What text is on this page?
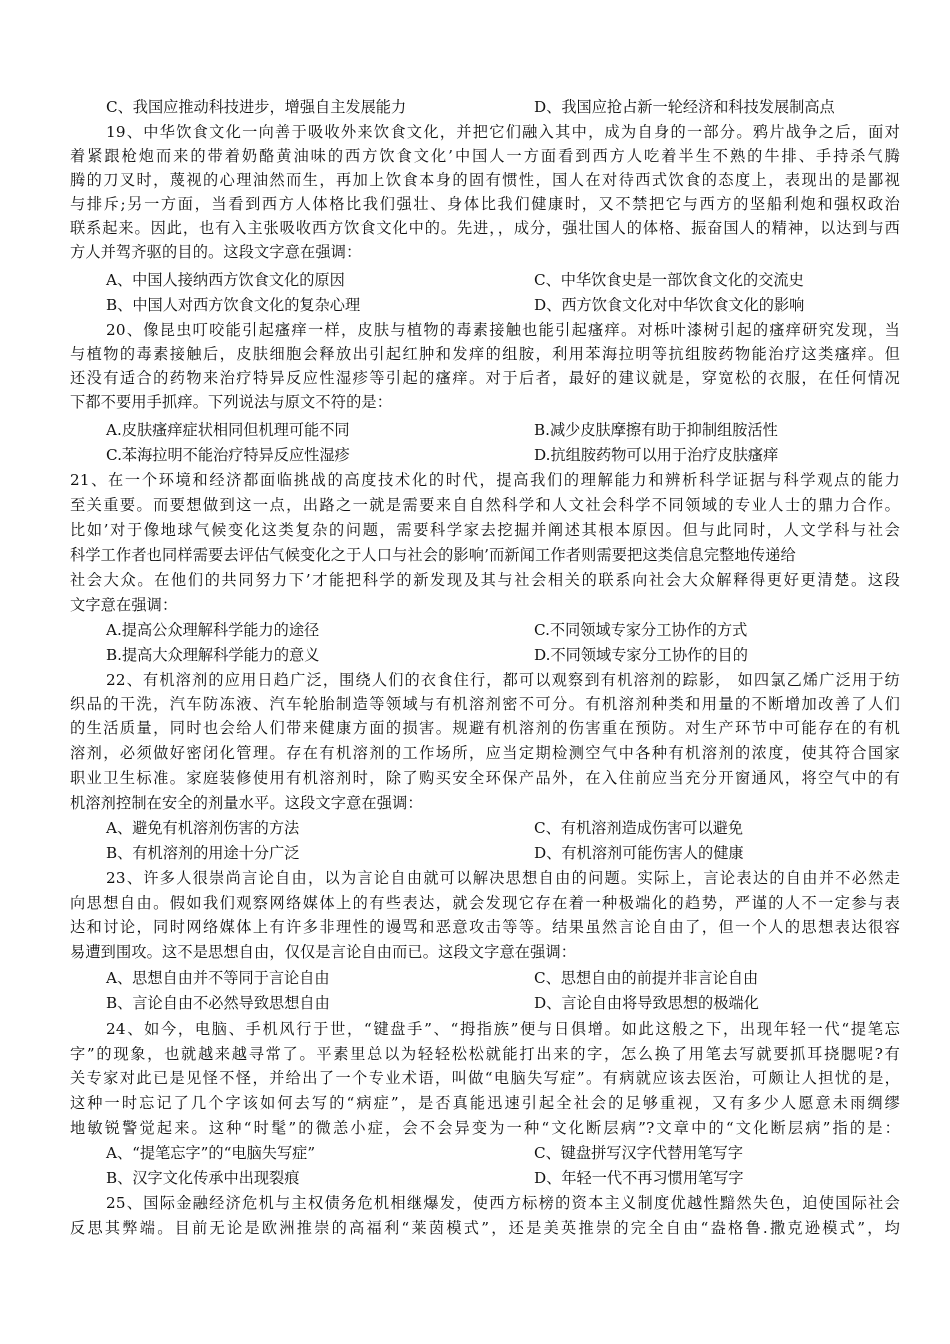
C、我国应推动科技进步，增强自主发展能力	D、我国应抢占新一轮经济和科技发展制高点
19、中华饮食文化一向善于吸收外来饮食文化，并把它们融入其中，成为自身的一部分。鸦片战争之后，面对
着紧跟枪炮而来的带着奶酪黄油味的西方饮食文化’中国人一方面看到西方人吃着半生不熟的牛排、手持杀气腾
腾的刀叉时，蔑视的心理油然而生，再加上饮食本身的固有惯性，国人在对待西式饮食的态度上，表现出的是鄙视
与排斥;另一方面，当看到西方人体格比我们强壮、身体比我们健康时，又不禁把它与西方的坚船利炮和强权政治
联系起来。因此，也有入主张吸收西方饮食文化中的。先进，，成分，强壮国人的体格、振奋国人的精神，以达到与西
方人并驾齐驱的目的。这段文字意在强调：
A、中国人接纳西方饮食文化的原因	C、中华饮食史是一部饮食文化的交流史
B、中国人对西方饮食文化的复杂心理	D、西方饮食文化对中华饮食文化的影响
20、像昆虫叮咬能引起瘙痒一样，皮肤与植物的毒素接触也能引起瘙痒。对栎叶漆树引起的瘙痒研究发现，当
与植物的毒素接触后，皮肤细胞会释放出引起红肿和发痒的组胺，利用苯海拉明等抗组胺药物能治疗这类瘙痒。但
还没有适合的药物来治疗特异反应性湿疹等引起的瘙痒。对于后者，最好的建议就是，穿宽松的衣服，在任何情况
下都不要用手抓痒。下列说法与原文不符的是：
A.皮肤瘙痒症状相同但机理可能不同	B.减少皮肤摩擦有助于抑制组胺活性
C.苯海拉明不能治疗特异反应性湿疹	D.抗组胺药物可以用于治疗皮肤瘙痒
21、在一个环境和经济都面临挑战的高度技术化的时代，提高我们的理解能力和辨析科学证据与科学观点的能力
至关重要。而要想做到这一点，出路之一就是需要来自自然科学和人文社会科学不同领域的专业人士的鼎力合作。
比如’对于像地球气候变化这类复杂的问题，需要科学家去挖掘并阐述其根本原因。但与此同时，人文学科与社会
科学工作者也同样需要去评估气候变化之于人口与社会的影响’而新闻工作者则需要把这类信息完整地传递给
社会大众。在他们的共同努力下’才能把科学的新发现及其与社会相关的联系向社会大众解释得更好更清楚。这段
文字意在强调：
A.提高公众理解科学能力的途径	C.不同领域专家分工协作的方式
B.提高大众理解科学能力的意义	D.不同领域专家分工协作的目的
22、有机溶剂的应用日趋广泛，围绕人们的衣食住行，都可以观察到有机溶剂的踪影， 如四氯乙烯广泛用于纺
织品的干洗，汽车防冻液、汽车轮胎制造等领域与有机溶剂密不可分。有机溶剂种类和用量的不断增加改善了人们
的生活质量，同时也会给人们带来健康方面的损害。规避有机溶剂的伤害重在预防。对生产环节中可能存在的有机
溶剂，必须做好密闭化管理。存在有机溶剂的工作场所，应当定期检测空气中各种有机溶剂的浓度，使其符合国家
职业卫生标准。家庭装修使用有机溶剂时，除了购买安全环保产品外，在入住前应当充分开窗通风，将空气中的有
机溶剂控制在安全的剂量水平。这段文字意在强调：
A、避免有机溶剂伤害的方法	C、有机溶剂造成伤害可以避免
B、有机溶剂的用途十分广泛	D、有机溶剂可能伤害人的健康
23、许多人很崇尚言论自由，以为言论自由就可以解决思想自由的问题。实际上，言论表达的自由并不必然走
向思想自由。假如我们观察网络媒体上的有些表达，就会发现它存在着一种极端化的趋势，严谨的人不一定参与表
达和讨论，同时网络媒体上有许多非理性的谩骂和恶意攻击等等。结果虽然言论自由了，但一个人的思想表达很容
易遭到围攻。这不是思想自由，仅仅是言论自由而已。这段文字意在强调：
A、思想自由并不等同于言论自由	C、思想自由的前提并非言论自由
B、言论自由不必然导致思想自由	D、言论自由将导致思想的极端化
24、如今，电脑、手机风行于世，“键盘手”、“拇指族”便与日俱增。如此这般之下，出现年轻一代“提笔忘
字”的现象，也就越来越寻常了。平素里总以为轻轻松松就能打出来的字，怎么换了用笔去写就要抓耳挠腮呢?有
关专家对此已是见怪不怪，并给出了一个专业术语，叫做“电脑失写症”。有病就应该去医治，可颇让人担忧的是，
这种一时忘记了几个字该如何去写的“病症”，是否真能迅速引起全社会的足够重视，又有多少人愿意未雨绸缪
地敏锐警觉起来。这种“时髦”的微恙小症，会不会异变为一种“文化断层病”?文章中的“文化断层病”指的是：
A、“提笔忘字”的“电脑失写症”	C、键盘拼写汉字代替用笔写字
B、汉字文化传承中出现裂痕	D、年轻一代不再习惯用笔写字
25、国际金融经济危机与主权债务危机相继爆发，使西方标榜的资本主义制度优越性黯然失色，迫使国际社会
反思其弊端。目前无论是欧洲推崇的高福利“莱茵模式”，还是美英推崇的完全自由“盎格鲁.撒克逊模式”，均
